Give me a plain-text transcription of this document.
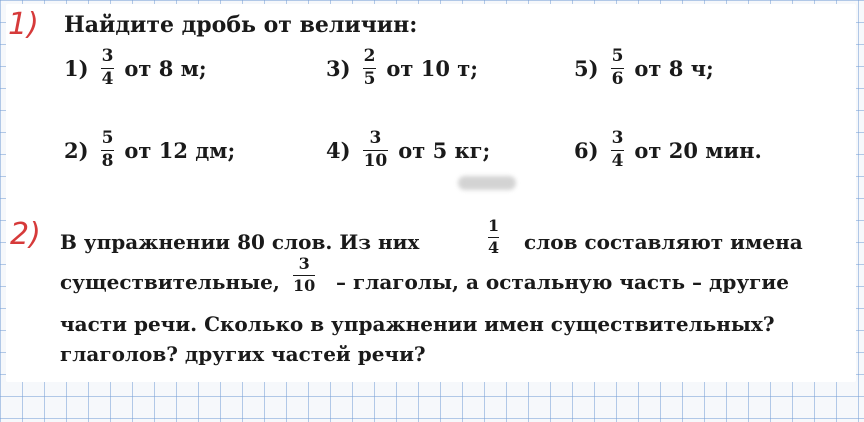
1) Найдите дробь от величин:
$1) \frac{3}{4}$ от 8 м;	$3) \frac{2}{5}$ от 10 т;	$5) \frac{5}{6}$ от 8 ч;
$2) \frac{5}{8}$ от 12 дм;	$4) \frac{3}{10}$ от 5 кг;	$6) \frac{3}{4}$ от 20 мин.
2) В упражнении 80 слов. Из них
1
4 слов составляют имена
существительные,
3
10 – глаголы, а остальную часть – другие
части речи. Сколько в упражнении имен существительных?
глаголов? других частей речи?
